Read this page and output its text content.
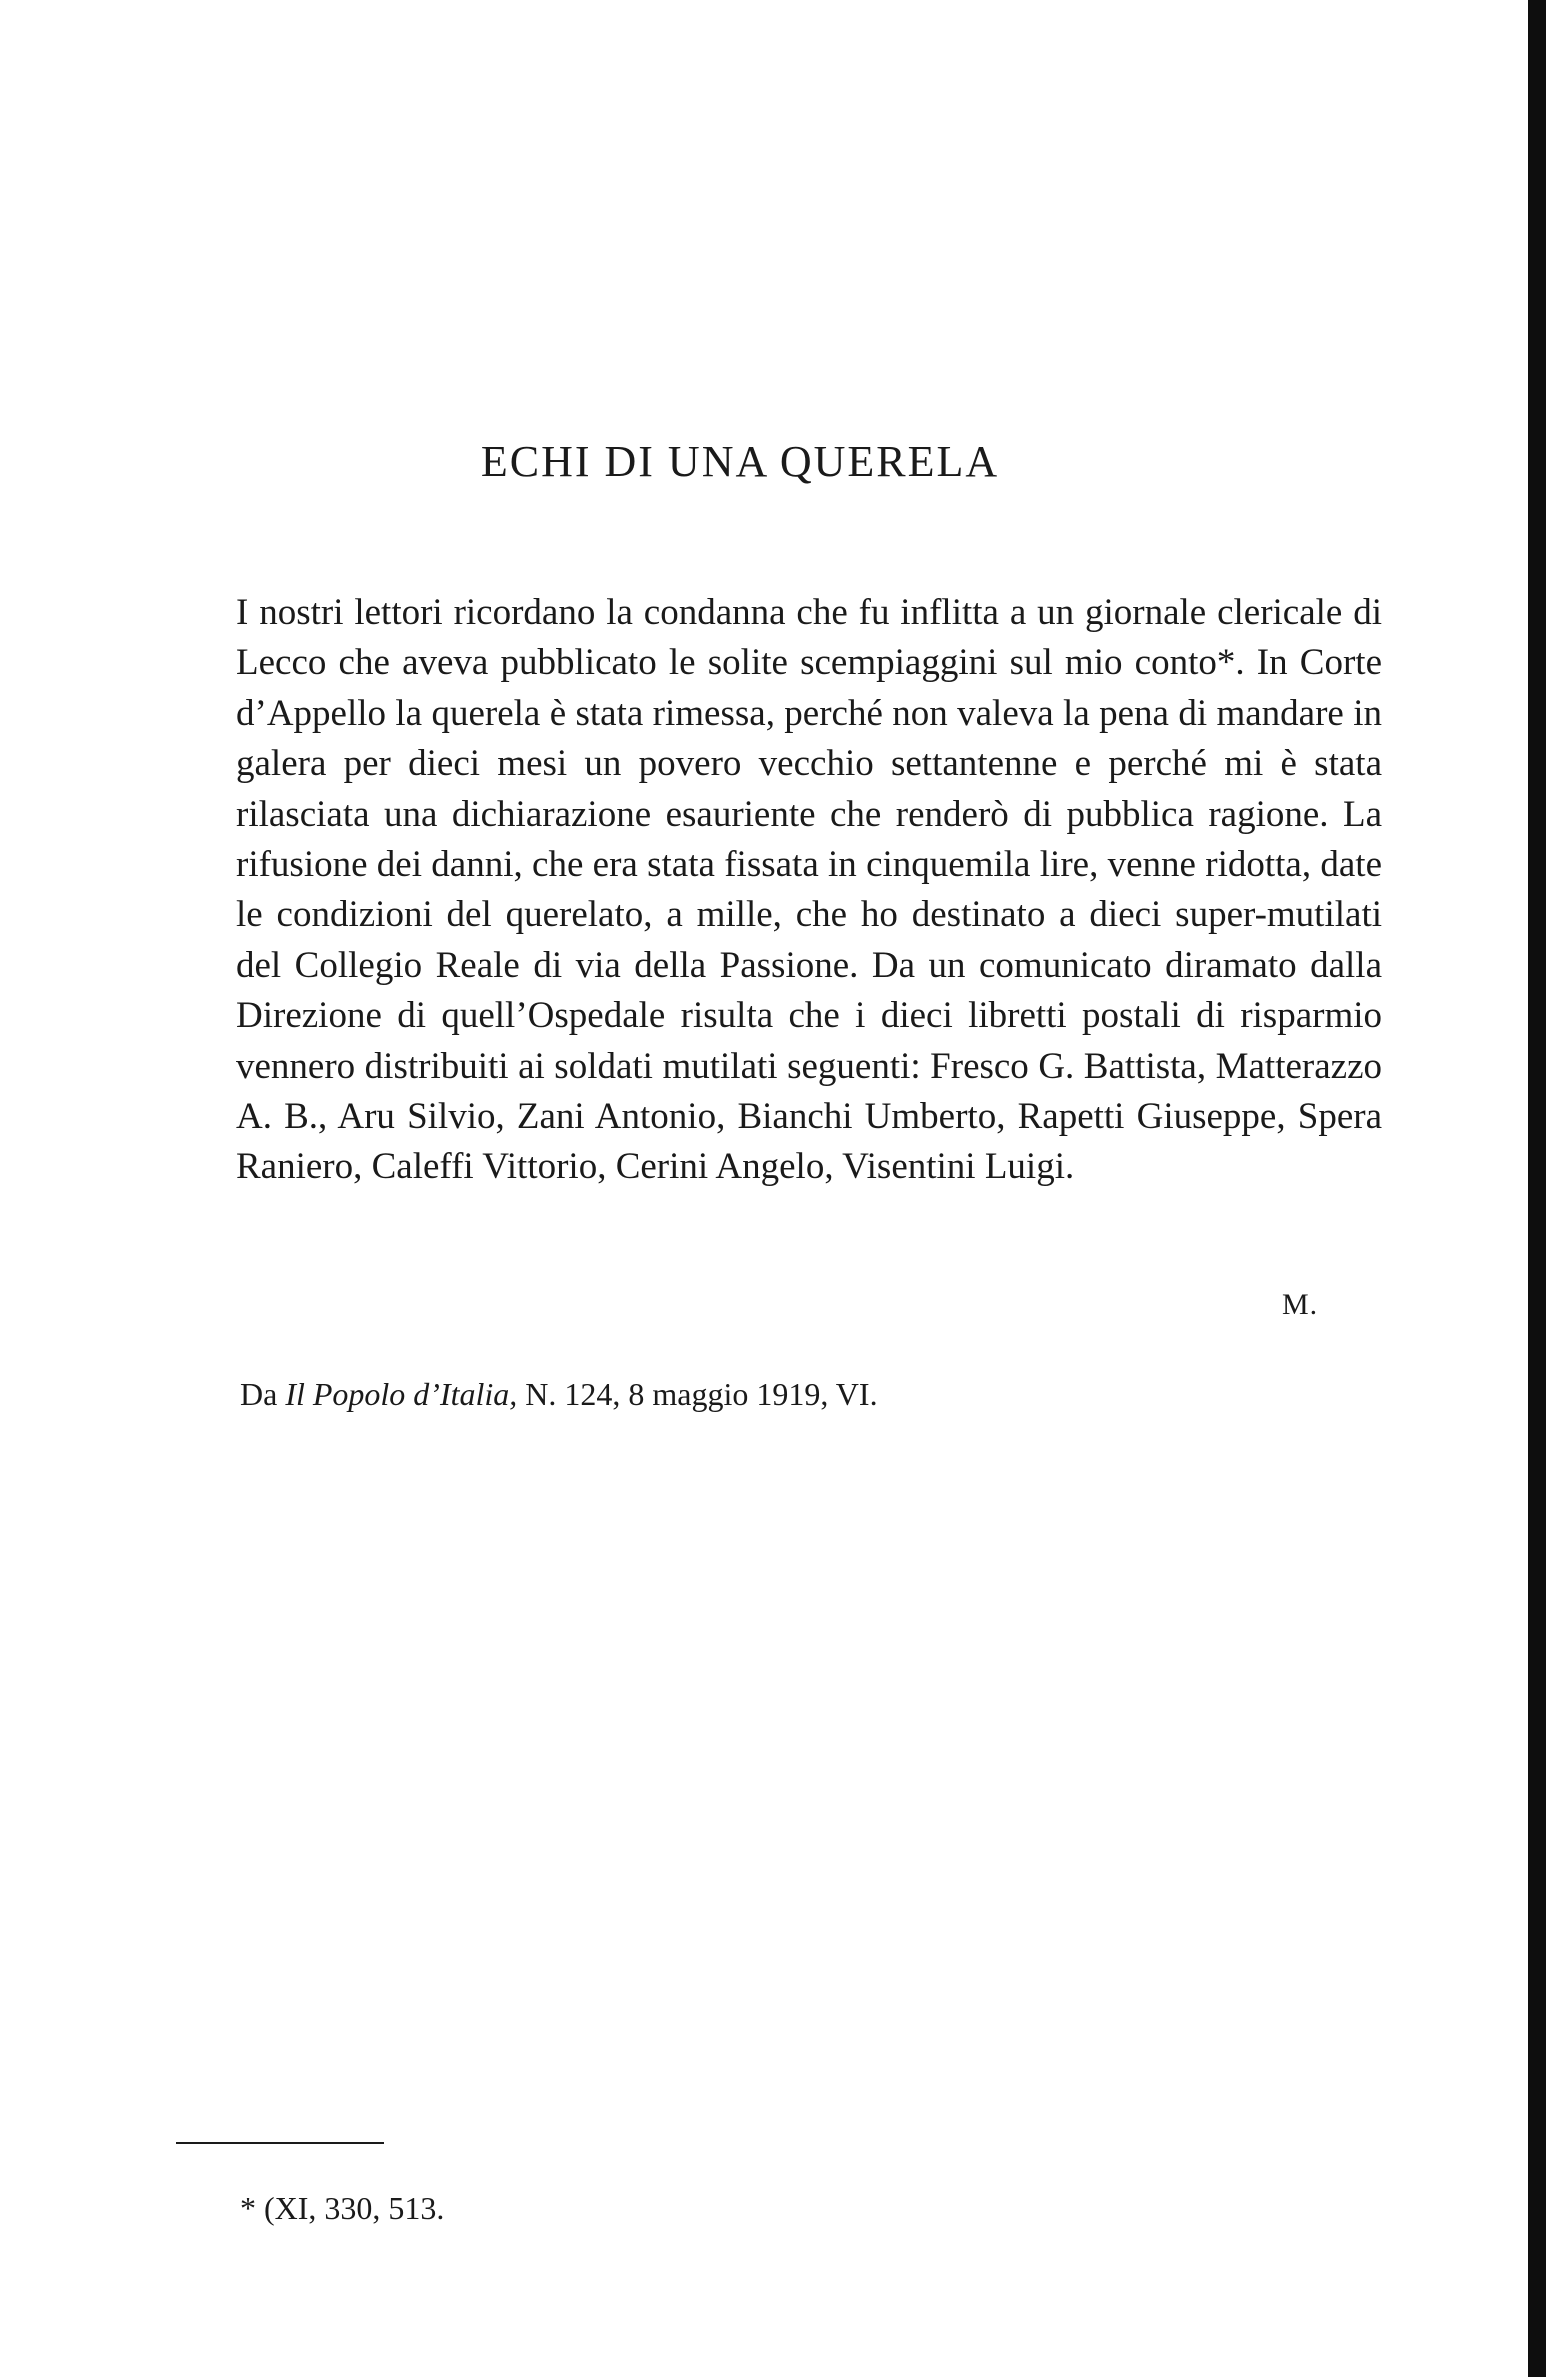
ECHI DI UNA QUERELA

I nostri lettori ricordano la condanna che fu inflitta a un giornale clericale di Lecco che aveva pubblicato le solite scempiaggini sul mio conto*. In Corte d’Appello la querela è stata rimessa, perché non valeva la pena di mandare in galera per dieci mesi un povero vecchio settantenne e perché mi è stata rilasciata una dichiarazione esauriente che renderò di pubblica ragione. La rifusione dei danni, che era stata fissata in cinquemila lire, venne ridotta, date le condizioni del querelato, a mille, che ho destinato a dieci super-mutilati del Collegio Reale di via della Passione. Da un comunicato diramato dalla Direzione di quell’Ospedale risulta che i dieci libretti postali di risparmio vennero distribuiti ai soldati mutilati seguenti: Fresco G. Battista, Matterazzo A. B., Aru Silvio, Zani Antonio, Bianchi Umberto, Rapetti Giuseppe, Spera Raniero, Caleffi Vittorio, Cerini Angelo, Visentini Luigi.

M.
Da Il Popolo d’Italia, N. 124, 8 maggio 1919, VI.
* (XI, 330, 513.
